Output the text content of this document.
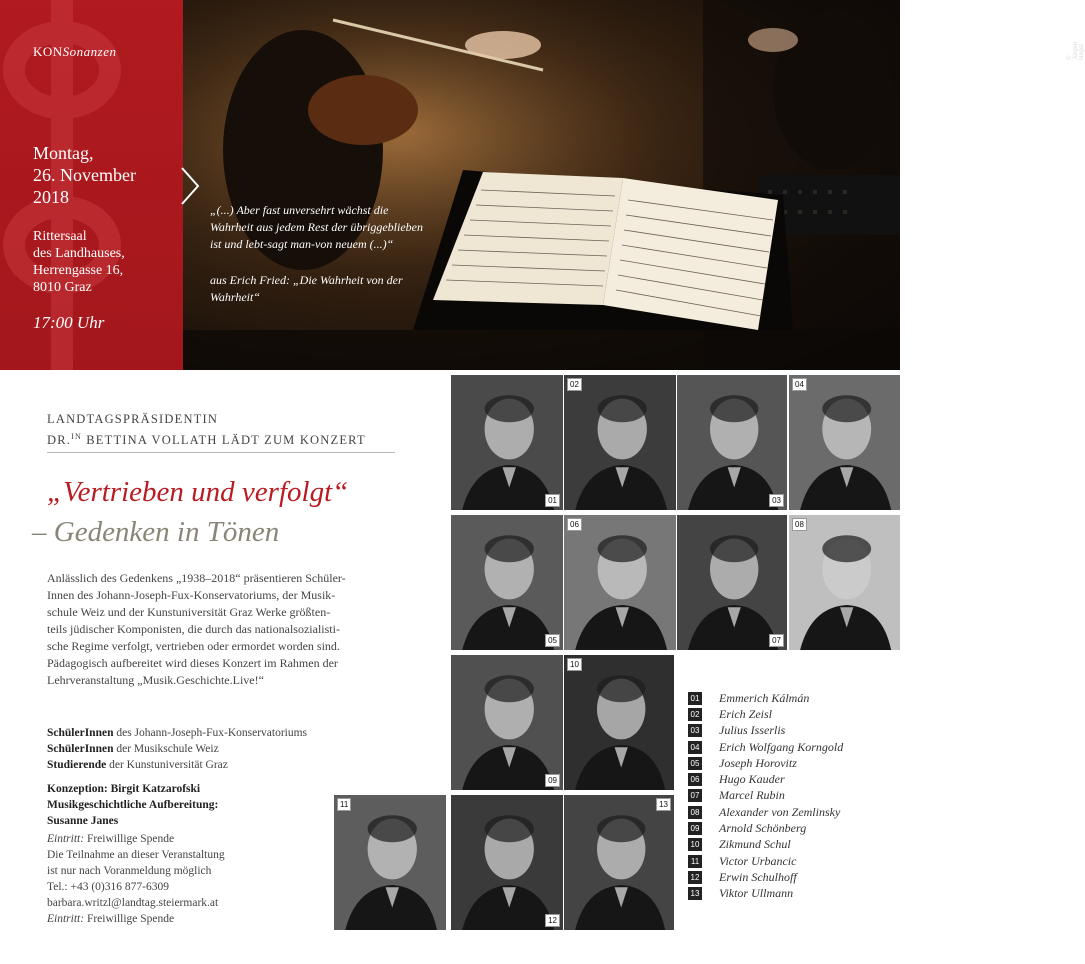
KONSonanzen
Montag,
26. November
2018
Rittersaal
des Landhauses,
Herrengasse 16,
8010 Graz
17:00 Uhr
© Jürgen Nagel
„(...) Aber fast unversehrt wächst die Wahrheit aus jedem Rest der übriggeblieben ist und lebt-sagt man-von neuem (...)“
aus Erich Fried: „Die Wahrheit von der Wahrheit“
LANDTAGSPRÄSIDENTIN
DR.$^{IN}$ BETTINA VOLLATH LÄDT ZUM KONZERT
„Vertrieben und verfolgt“
– Gedenken in Tönen
Anlässlich des Gedenkens „1938–2018“ präsentieren Schüler-
Innen des Johann-Joseph-Fux-Konservatoriums, der Musik-
schule Weiz und der Kunstuniversität Graz Werke größten-
teils jüdischer Komponisten, die durch das nationalsozialisti-
sche Regime verfolgt, vertrieben oder ermordet worden sind.
Pädagogisch aufbereitet wird dieses Konzert im Rahmen der
Lehrveranstaltung „Musik.Geschichte.Live!“
SchülerInnen des Johann-Joseph-Fux-Konservatoriums
SchülerInnen der Musikschule Weiz
Studierende der Kunstuniversität Graz
Konzeption: Birgit Katzarofski
Musikgeschichtliche Aufbereitung:
Susanne Janes
Eintritt: Freiwillige Spende
Die Teilnahme an dieser Veranstaltung
ist nur nach Voranmeldung möglich
Tel.: +43 (0)316 877-6309
barbara.writzl@landtag.steiermark.at
Eintritt: Freiwillige Spende
01
02
03
04
05
06
07
08
09
10
11
12
13
01 Emmerich Kálmán
02 Erich Zeisl
03 Julius Isserlis
04 Erich Wolfgang Korngold
05 Joseph Horovitz
06 Hugo Kauder
07 Marcel Rubin
08 Alexander von Zemlinsky
09 Arnold Schönberg
10 Zikmund Schul
11 Victor Urbancic
12 Erwin Schulhoff
13 Viktor Ullmann
